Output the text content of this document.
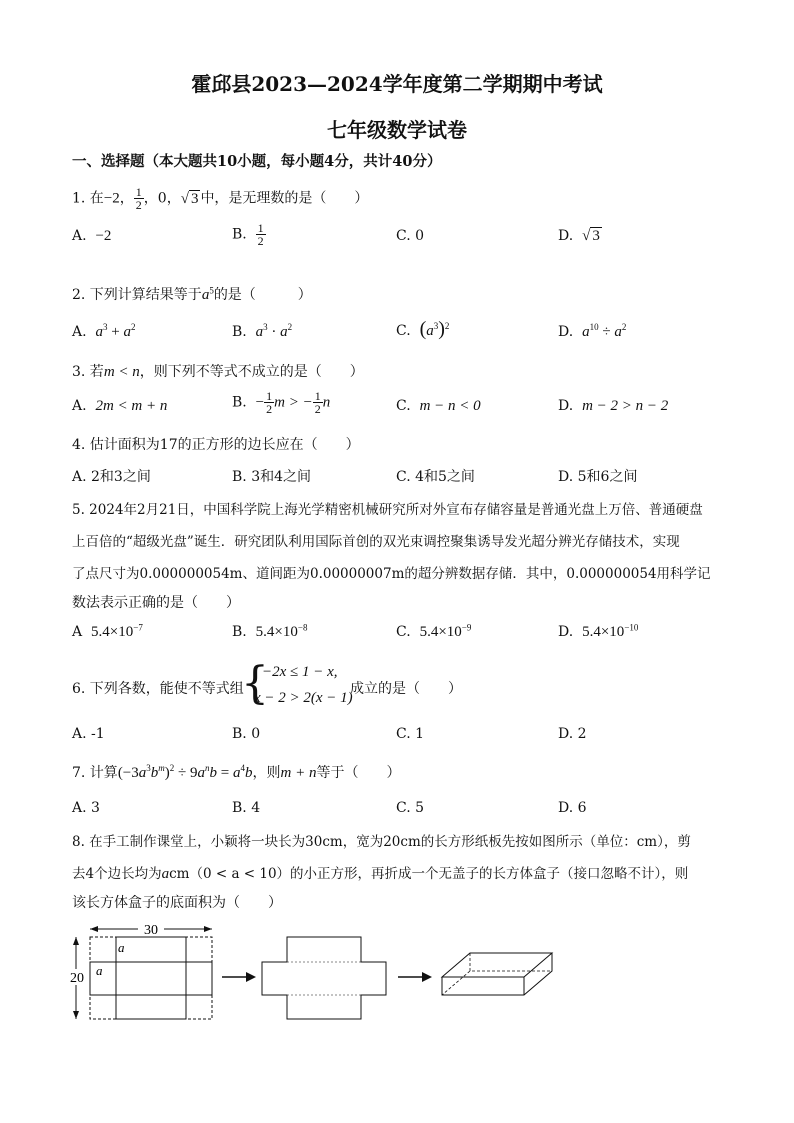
霍邱县2023—2024学年度第二学期期中考试
七年级数学试卷
一、选择题（本大题共10小题，每小题4分，共计40分）
1. 在−2， $\frac{1}{2}$ ，0，√ 3 中，是无理数的是（　　）
A. −2	B. $\frac{1}{2}$	C. 0	D. √ 3
2. 下列计算结果等于$a^5$的是（　　　）
A. $a^3 + a^2$	B. $a^3 \cdot a^2$	C. $(a^3)^2$	D. $a^{10} \div a^2$
3. 若m < n，则下列不等式不成立的是（　　）
A. 2m < m + n	B. − $\frac{1}{2}$ m > − $\frac{1}{2}$ n	C. m − n < 0	D. m − 2 > n − 2
4. 估计面积为17的正方形的边长应在（　　）
A. 2和3之间	B. 3和4之间	C. 4和5之间	D. 5和6之间
5. 2024年2月21日，中国科学院上海光学精密机械研究所对外宣布存储容量是普通光盘上万倍、普通硬盘
上百倍的“超级光盘”诞生．研究团队利用国际首创的双光束调控聚集诱导发光超分辨光存储技术，实现
了点尺寸为0.000000054m、道间距为0.00000007m的超分辨数据存储．其中，0.000000054用科学记
数法表示正确的是（　　）
A $5.4\times 10^{-7}$	B. $5.4\times 10^{-8}$	C. $5.4\times 10^{-9}$	D. $5.4\times 10^{-10}$
6. 下列各数，能使不等式组
{
−2x ≤ 1 − x,
x − 2 > 2(x − 1)
成立的是（　　）
A. -1	B. 0	C. 1	D. 2
7. 计算$(-3a^3b^m)^2 \div 9a^nb = a^4b$，则m + n等于（　　）
A. 3	B. 4	C. 5	D. 6
8. 在手工制作课堂上，小颖将一块长为30cm，宽为20cm的长方形纸板先按如图所示（单位：cm），剪
去4个边长均为acm（0 < a < 10）的小正方形，再折成一个无盖子的长方体盒子（接口忽略不计），则
该长方体盒子的底面积为（　　）
30
20
a
a
